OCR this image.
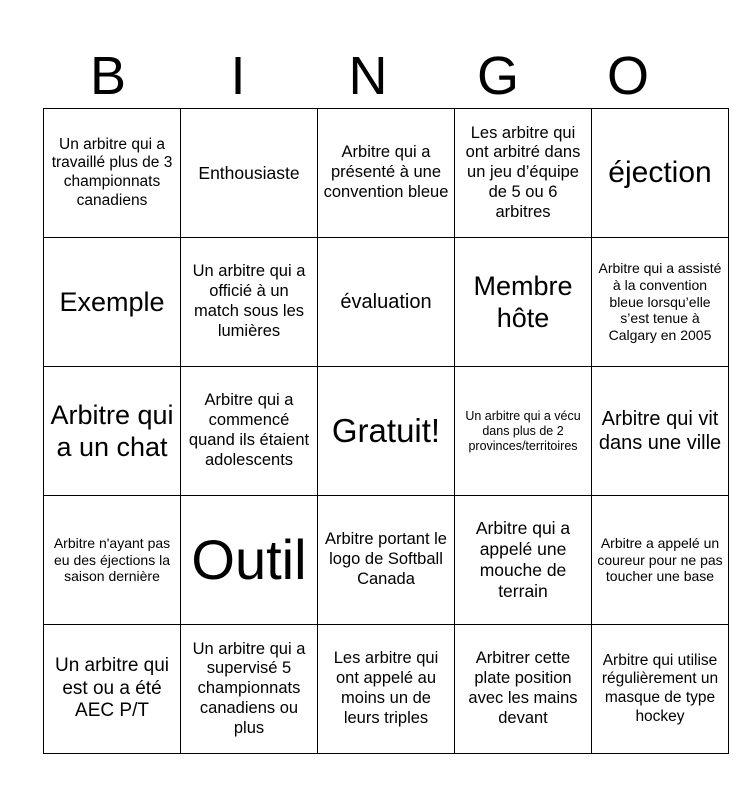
B	I	N	G	O
Un arbitre qui a travaillé plus de 3 championnats canadiens	Enthousiaste	Arbitre qui a présenté à une convention bleue	Les arbitre qui ont arbitré dans un jeu d’équipe de 5 ou 6 arbitres	éjection
Exemple	Un arbitre qui a officié à un match sous les lumières	évaluation	Membre hôte	Arbitre qui a assisté à la convention bleue lorsqu’elle s’est tenue à Calgary en 2005
Arbitre qui a un chat	Arbitre qui a commencé quand ils étaient adolescents	Gratuit!	Un arbitre qui a vécu dans plus de 2 provinces/territoires	Arbitre qui vit dans une ville
Arbitre n'ayant pas eu des éjections la saison dernière	Outil	Arbitre portant le logo de Softball Canada	Arbitre qui a appelé une mouche de terrain	Arbitre a appelé un coureur pour ne pas toucher une base
Un arbitre qui est ou a été AEC P/T	Un arbitre qui a supervisé 5 championnats canadiens ou plus	Les arbitre qui ont appelé au moins un de leurs triples	Arbitrer cette plate position avec les mains devant	Arbitre qui utilise régulièrement un masque de type hockey
